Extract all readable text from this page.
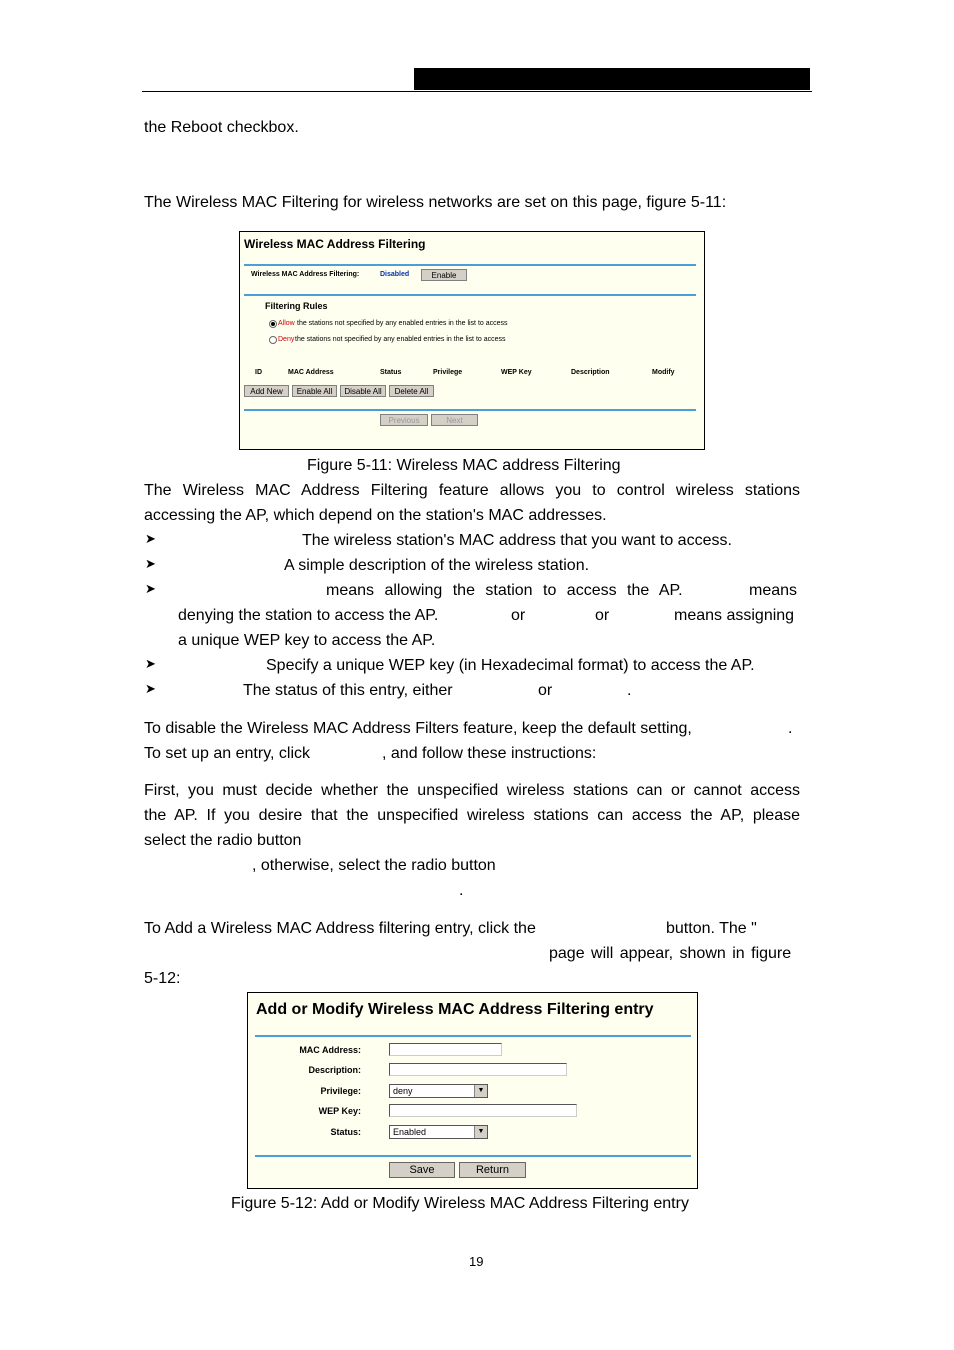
the Reboot checkbox.
The Wireless MAC Filtering for wireless networks are set on this page, figure 5-11:
Wireless MAC Address Filtering
Wireless MAC Address Filtering:	Disabled	Enable
Filtering Rules
Allow the stations not specified by any enabled entries in the list to access
Deny the stations not specified by any enabled entries in the list to access
ID	MAC Address	Status	Privilege	WEP Key	Description	Modify
Add New	Enable All	Disable All	Delete All
Previous	Next
Figure 5-11: Wireless MAC address Filtering
The Wireless MAC Address Filtering feature allows you to control wireless stations
accessing the AP, which depend on the station's MAC addresses.
➤	The wireless station's MAC address that you want to access.
➤	A simple description of the wireless station.
➤	means allowing the station to access the AP.	means
denying the station to access the AP.	or	or	means assigning
a unique WEP key to access the AP.
➤	Specify a unique WEP key (in Hexadecimal format) to access the AP.
➤	The status of this entry, either	or	.
To disable the Wireless MAC Address Filters feature, keep the default setting,	.
To set up an entry, click	, and follow these instructions:
First, you must decide whether the unspecified wireless stations can or cannot access
the AP. If you desire that the unspecified wireless stations can access the AP, please
select the radio button
, otherwise, select the radio button
.
To Add a Wireless MAC Address filtering entry, click the	button. The "
page will appear, shown in figure
5-12:
Add or Modify Wireless MAC Address Filtering entry
MAC Address:
Description:
Privilege:	deny	▼
WEP Key:
Status:	Enabled	▼
Save	Return
Figure 5-12: Add or Modify Wireless MAC Address Filtering entry
19
